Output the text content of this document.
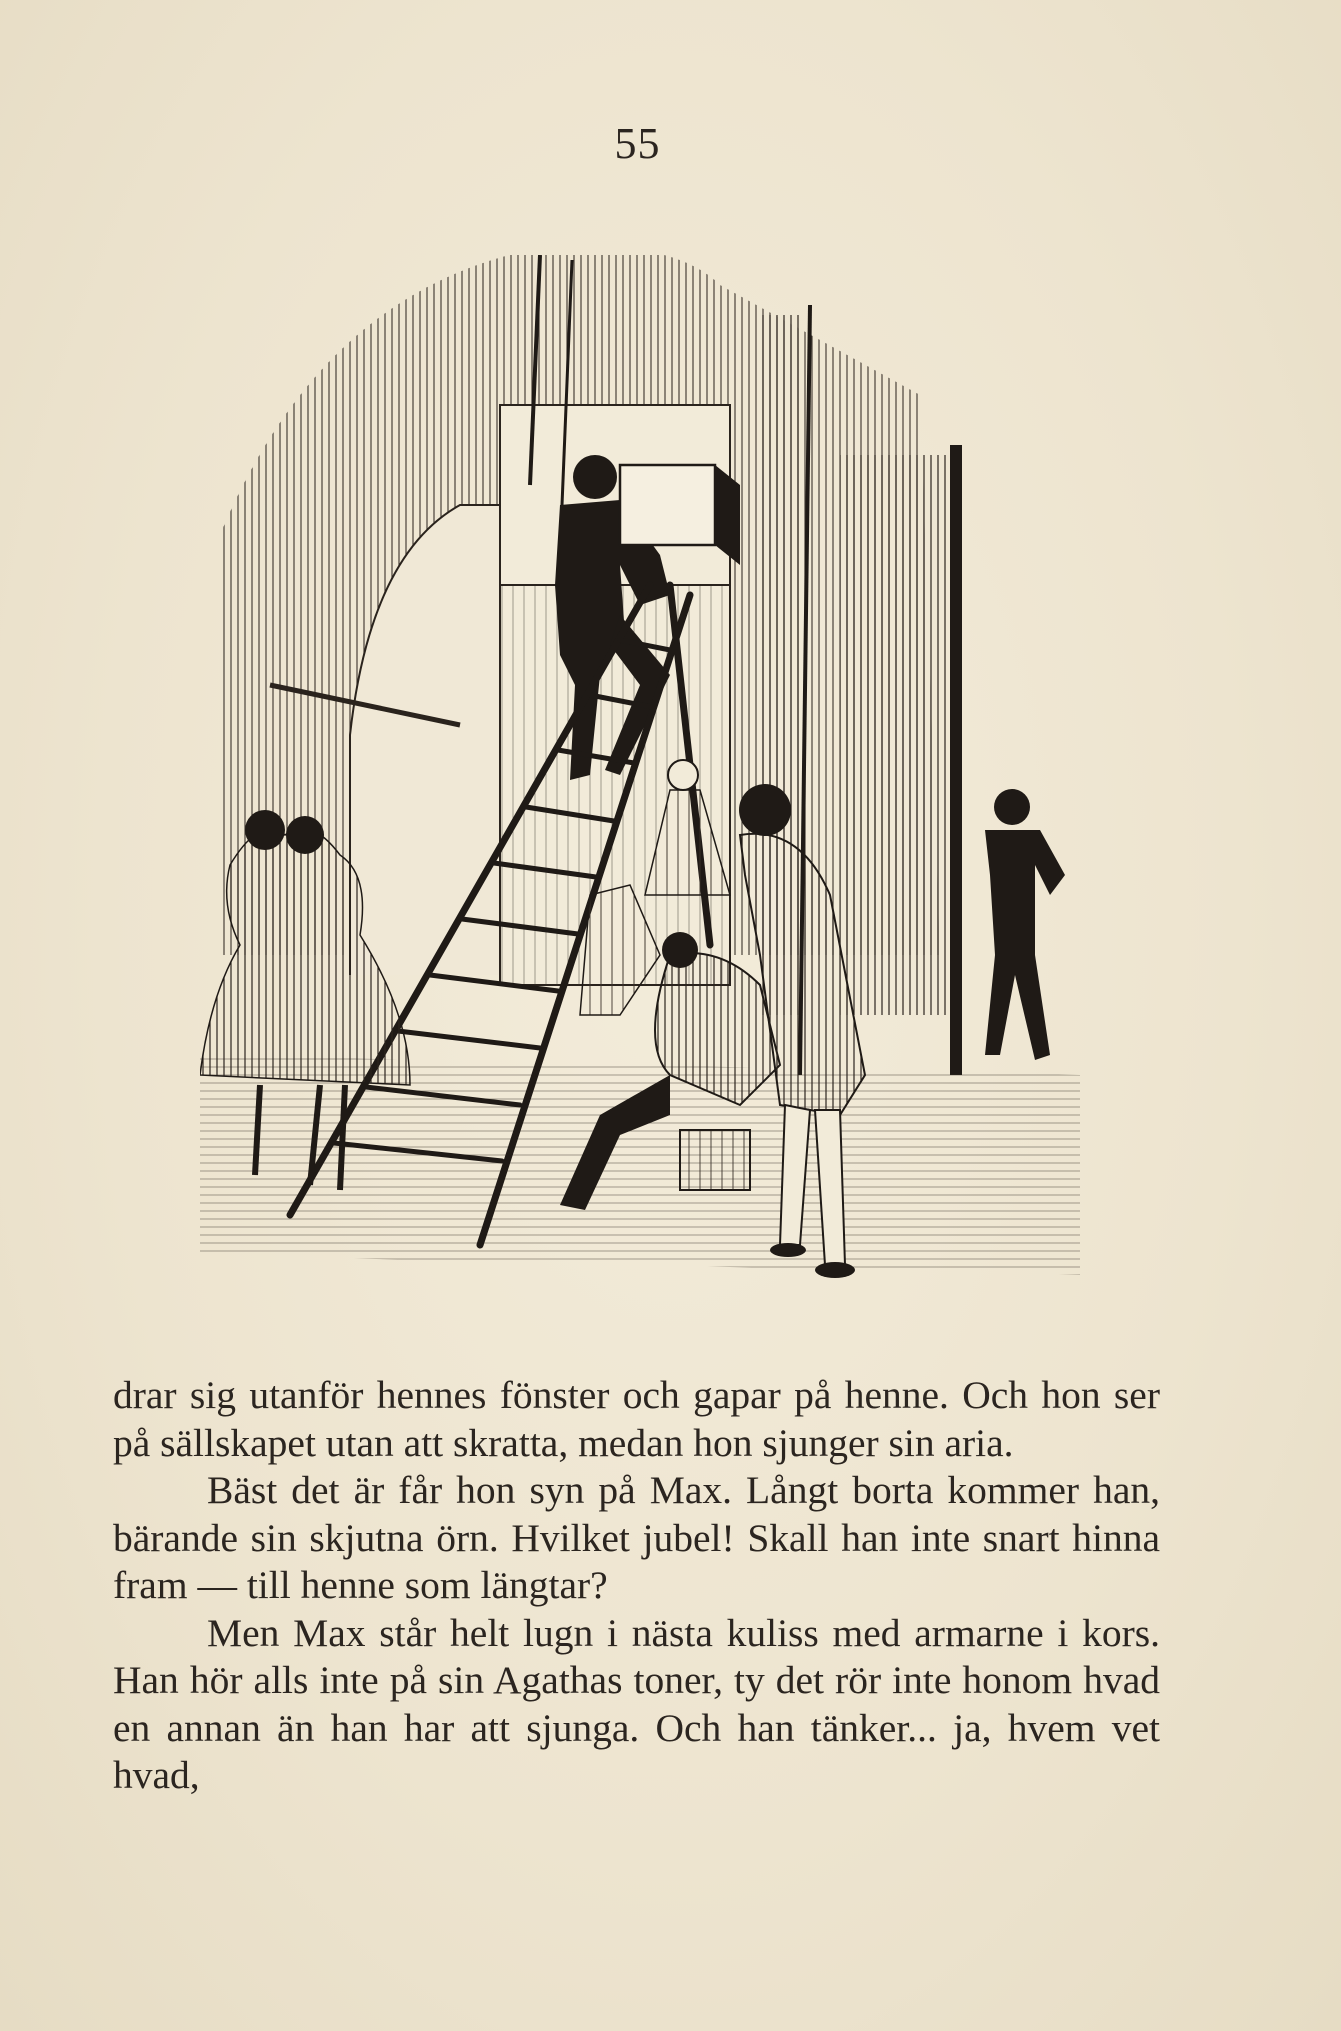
55

drar sig utanför hennes fönster och gapar på henne. Och hon ser på sällskapet utan att skratta, medan hon sjunger sin aria.

Bäst det är får hon syn på Max. Långt borta kommer han, bärande sin skjutna örn. Hvilket jubel! Skall han inte snart hinna fram — till henne som längtar?

Men Max står helt lugn i nästa kuliss med armarne i kors. Han hör alls inte på sin Agathas toner, ty det rör inte honom hvad en annan än han har att sjunga. Och han tänker... ja, hvem vet hvad,
